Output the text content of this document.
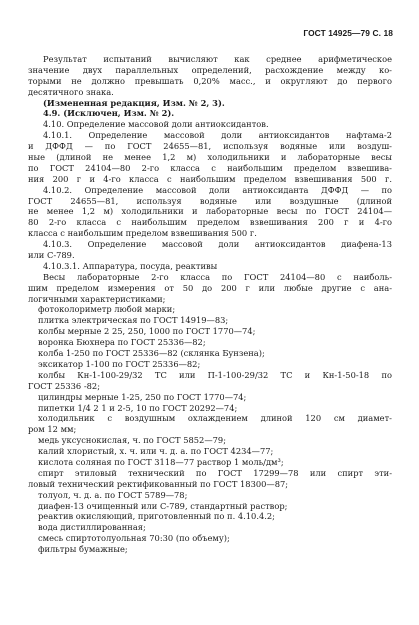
ГОСТ 14925—79 С. 18
Результат испытаний вычисляют как среднее арифметическое
значение двух параллельных определений, расхождение между ко-
торыми не должно превышать 0,20% масс., и округляют до первого
десятичного знака.
(Измененная редакция, Изм. № 2, 3).
4.9. (Исключен, Изм. № 2).
4.10. Определение массовой доли антиоксидантов.
4.10.1. Определение массовой доли антиоксидантов нафтама-2
и ДФФД — по ГОСТ 24655—81, используя водяные или воздуш-
ные (длиной не менее 1,2 м) холодильники и лабораторные весы
по ГОСТ 24104—80 2-го класса с наибольшим пределом взвешива-
ния 200 г и 4-го класса с наибольшим пределом взвешивания 500 г.
4.10.2. Определение массовой доли антиоксиданта ДФФД — по
ГОСТ 24655—81, используя водяные или воздушные (длиной
не менее 1,2 м) холодильники и лабораторные весы по ГОСТ 24104—
80 2-го класса с наибольшим пределом взвешивания 200 г и 4-го
класса с наибольшим пределом взвешивания 500 г.
4.10.3. Определение массовой доли антиоксидантов диафена-13
или С-789.
4.10.3.1. Аппаратура, посуда, реактивы
Весы лабораторные 2-го класса по ГОСТ 24104—80 с наиболь-
шим пределом измерения от 50 до 200 г или любые другие с ана-
логичными характеристиками;
фотоколориметр любой марки;
плитка электрическая по ГОСТ 14919—83;
колбы мерные 2 25, 250, 1000 по ГОСТ 1770—74;
воронка Бюхнера по ГОСТ 25336—82;
колба 1-250 по ГОСТ 25336—82 (склянка Бунзена);
эксикатор 1-100 по ГОСТ 25336—82;
колбы Кн-1-100-29/32 ТС или П-1-100-29/32 ТС и Кн-1-50-18 по
ГОСТ 25336 -82;
цилиндры мерные 1-25, 250 по ГОСТ 1770—74;
пипетки 1/4 2 1 и 2-5, 10 по ГОСТ 20292—74;
холодильник с воздушным охлаждением длиной 120 см диамет-
ром 12 мм;
медь уксуснокислая, ч. по ГОСТ 5852—79;
калий хлористый, х. ч. или ч. д. а. по ГОСТ 4234—77;
кислота соляная по ГОСТ 3118—77 раствор 1 моль/дм³;
спирт этиловый технический по ГОСТ 17299—78 или спирт эти-
ловый технический ректификованный по ГОСТ 18300—87;
толуол, ч. д. а. по ГОСТ 5789—78;
диафен-13 очищенный или С-789, стандартный раствор;
реактив окисляющий, приготовленный по п. 4.10.4.2;
вода дистиллированная;
смесь спиртотолуольная 70:30 (по объему);
фильтры бумажные;
